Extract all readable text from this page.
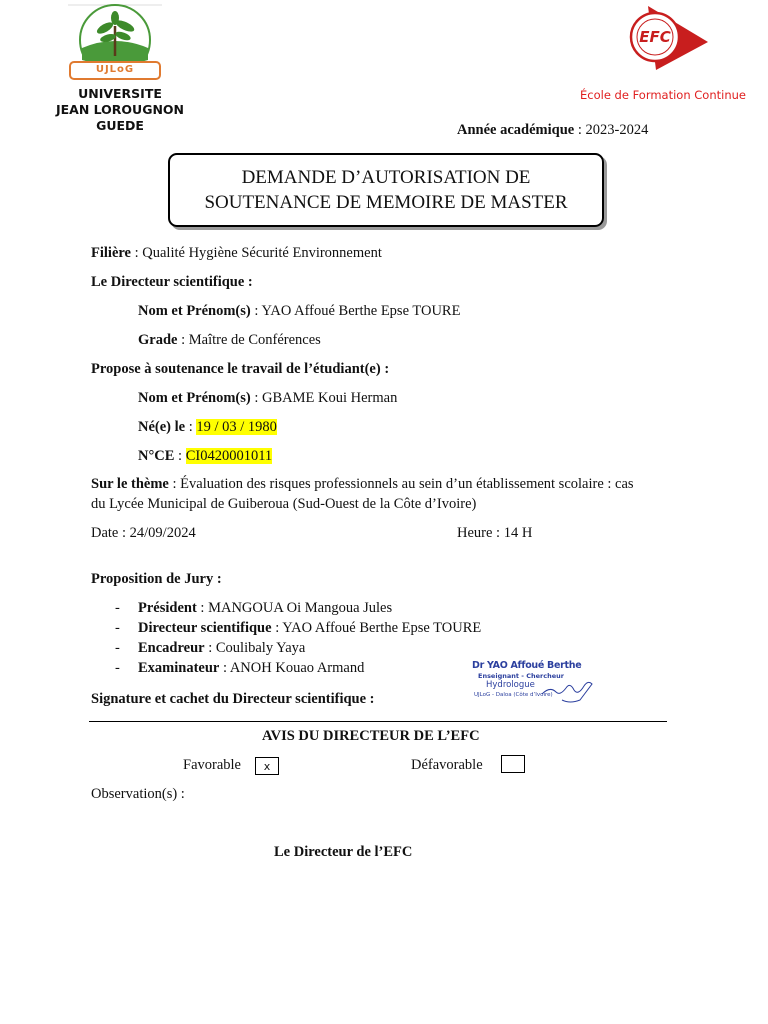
UJLoG
UNIVERSITE
JEAN LOROUGNON
GUEDE
EFC
École de Formation Continue
Année académique : 2023-2024
DEMANDE D’AUTORISATION DE
SOUTENANCE DE MEMOIRE DE MASTER
Filière : Qualité Hygiène Sécurité Environnement
Le Directeur scientifique :
Nom et Prénom(s) : YAO Affoué Berthe Epse TOURE
Grade : Maître de Conférences
Propose à soutenance le travail de l’étudiant(e) :
Nom et Prénom(s) : GBAME Koui Herman
Né(e) le : 19 / 03 / 1980
N°CE : CI0420001011
Sur le thème : Évaluation des risques professionnels au sein d’un établissement scolaire : cas
du Lycée Municipal de Guiberoua (Sud-Ouest de la Côte d’Ivoire)
Date : 24/09/2024	Heure : 14 H
Proposition de Jury :
- Président : MANGOUA Oi Mangoua Jules
- Directeur scientifique : YAO Affoué Berthe Epse TOURE
- Encadreur : Coulibaly Yaya
- Examinateur : ANOH Kouao Armand
Signature et cachet du Directeur scientifique :
Dr YAO Affoué Berthe
Enseignant - Chercheur
Hydrologue
UJLoG - Daloa (Côte d’Ivoire)
AVIS DU DIRECTEUR DE L’EFC
Favorable x	Défavorable
Observation(s) :
Le Directeur de l’EFC
